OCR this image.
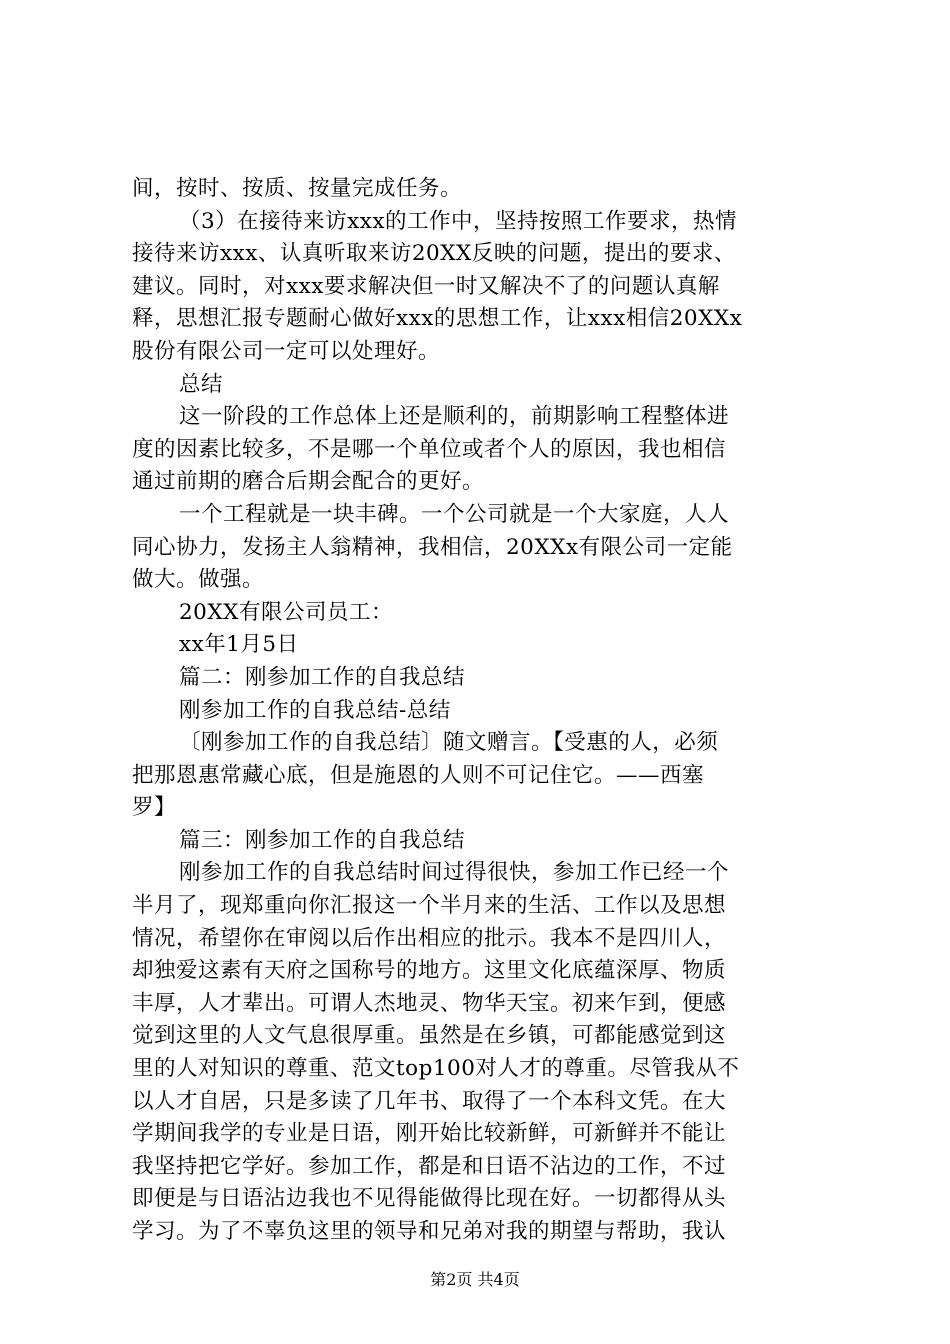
间，按时、按质、按量完成任务。
（3）在接待来访xxx的工作中，坚持按照工作要求，热情
接待来访xxx、认真听取来访20XX反映的问题，提出的要求、
建议。同时，对xxx要求解决但一时又解决不了的问题认真解
释，思想汇报专题耐心做好xxx的思想工作，让xxx相信20XXx
股份有限公司一定可以处理好。
总结
这一阶段的工作总体上还是顺利的，前期影响工程整体进
度的因素比较多，不是哪一个单位或者个人的原因，我也相信
通过前期的磨合后期会配合的更好。
一个工程就是一块丰碑。一个公司就是一个大家庭，人人
同心协力，发扬主人翁精神，我相信，20XXx有限公司一定能
做大。做强。
20XX有限公司员工：
xx年1月5日
篇二：刚参加工作的自我总结
刚参加工作的自我总结-总结
〔刚参加工作的自我总结〕随文赠言。【受惠的人，必须
把那恩惠常藏心底，但是施恩的人则不可记住它。——西塞
罗】
篇三：刚参加工作的自我总结
刚参加工作的自我总结时间过得很快，参加工作已经一个
半月了，现郑重向你汇报这一个半月来的生活、工作以及思想
情况，希望你在审阅以后作出相应的批示。我本不是四川人，
却独爱这素有天府之国称号的地方。这里文化底蕴深厚、物质
丰厚，人才辈出。可谓人杰地灵、物华天宝。初来乍到，便感
觉到这里的人文气息很厚重。虽然是在乡镇，可都能感觉到这
里的人对知识的尊重、范文top100对人才的尊重。尽管我从不
以人才自居，只是多读了几年书、取得了一个本科文凭。在大
学期间我学的专业是日语，刚开始比较新鲜，可新鲜并不能让
我坚持把它学好。参加工作，都是和日语不沾边的工作，不过
即便是与日语沾边我也不见得能做得比现在好。一切都得从头
学习。为了不辜负这里的领导和兄弟对我的期望与帮助，我认
第2页 共4页
